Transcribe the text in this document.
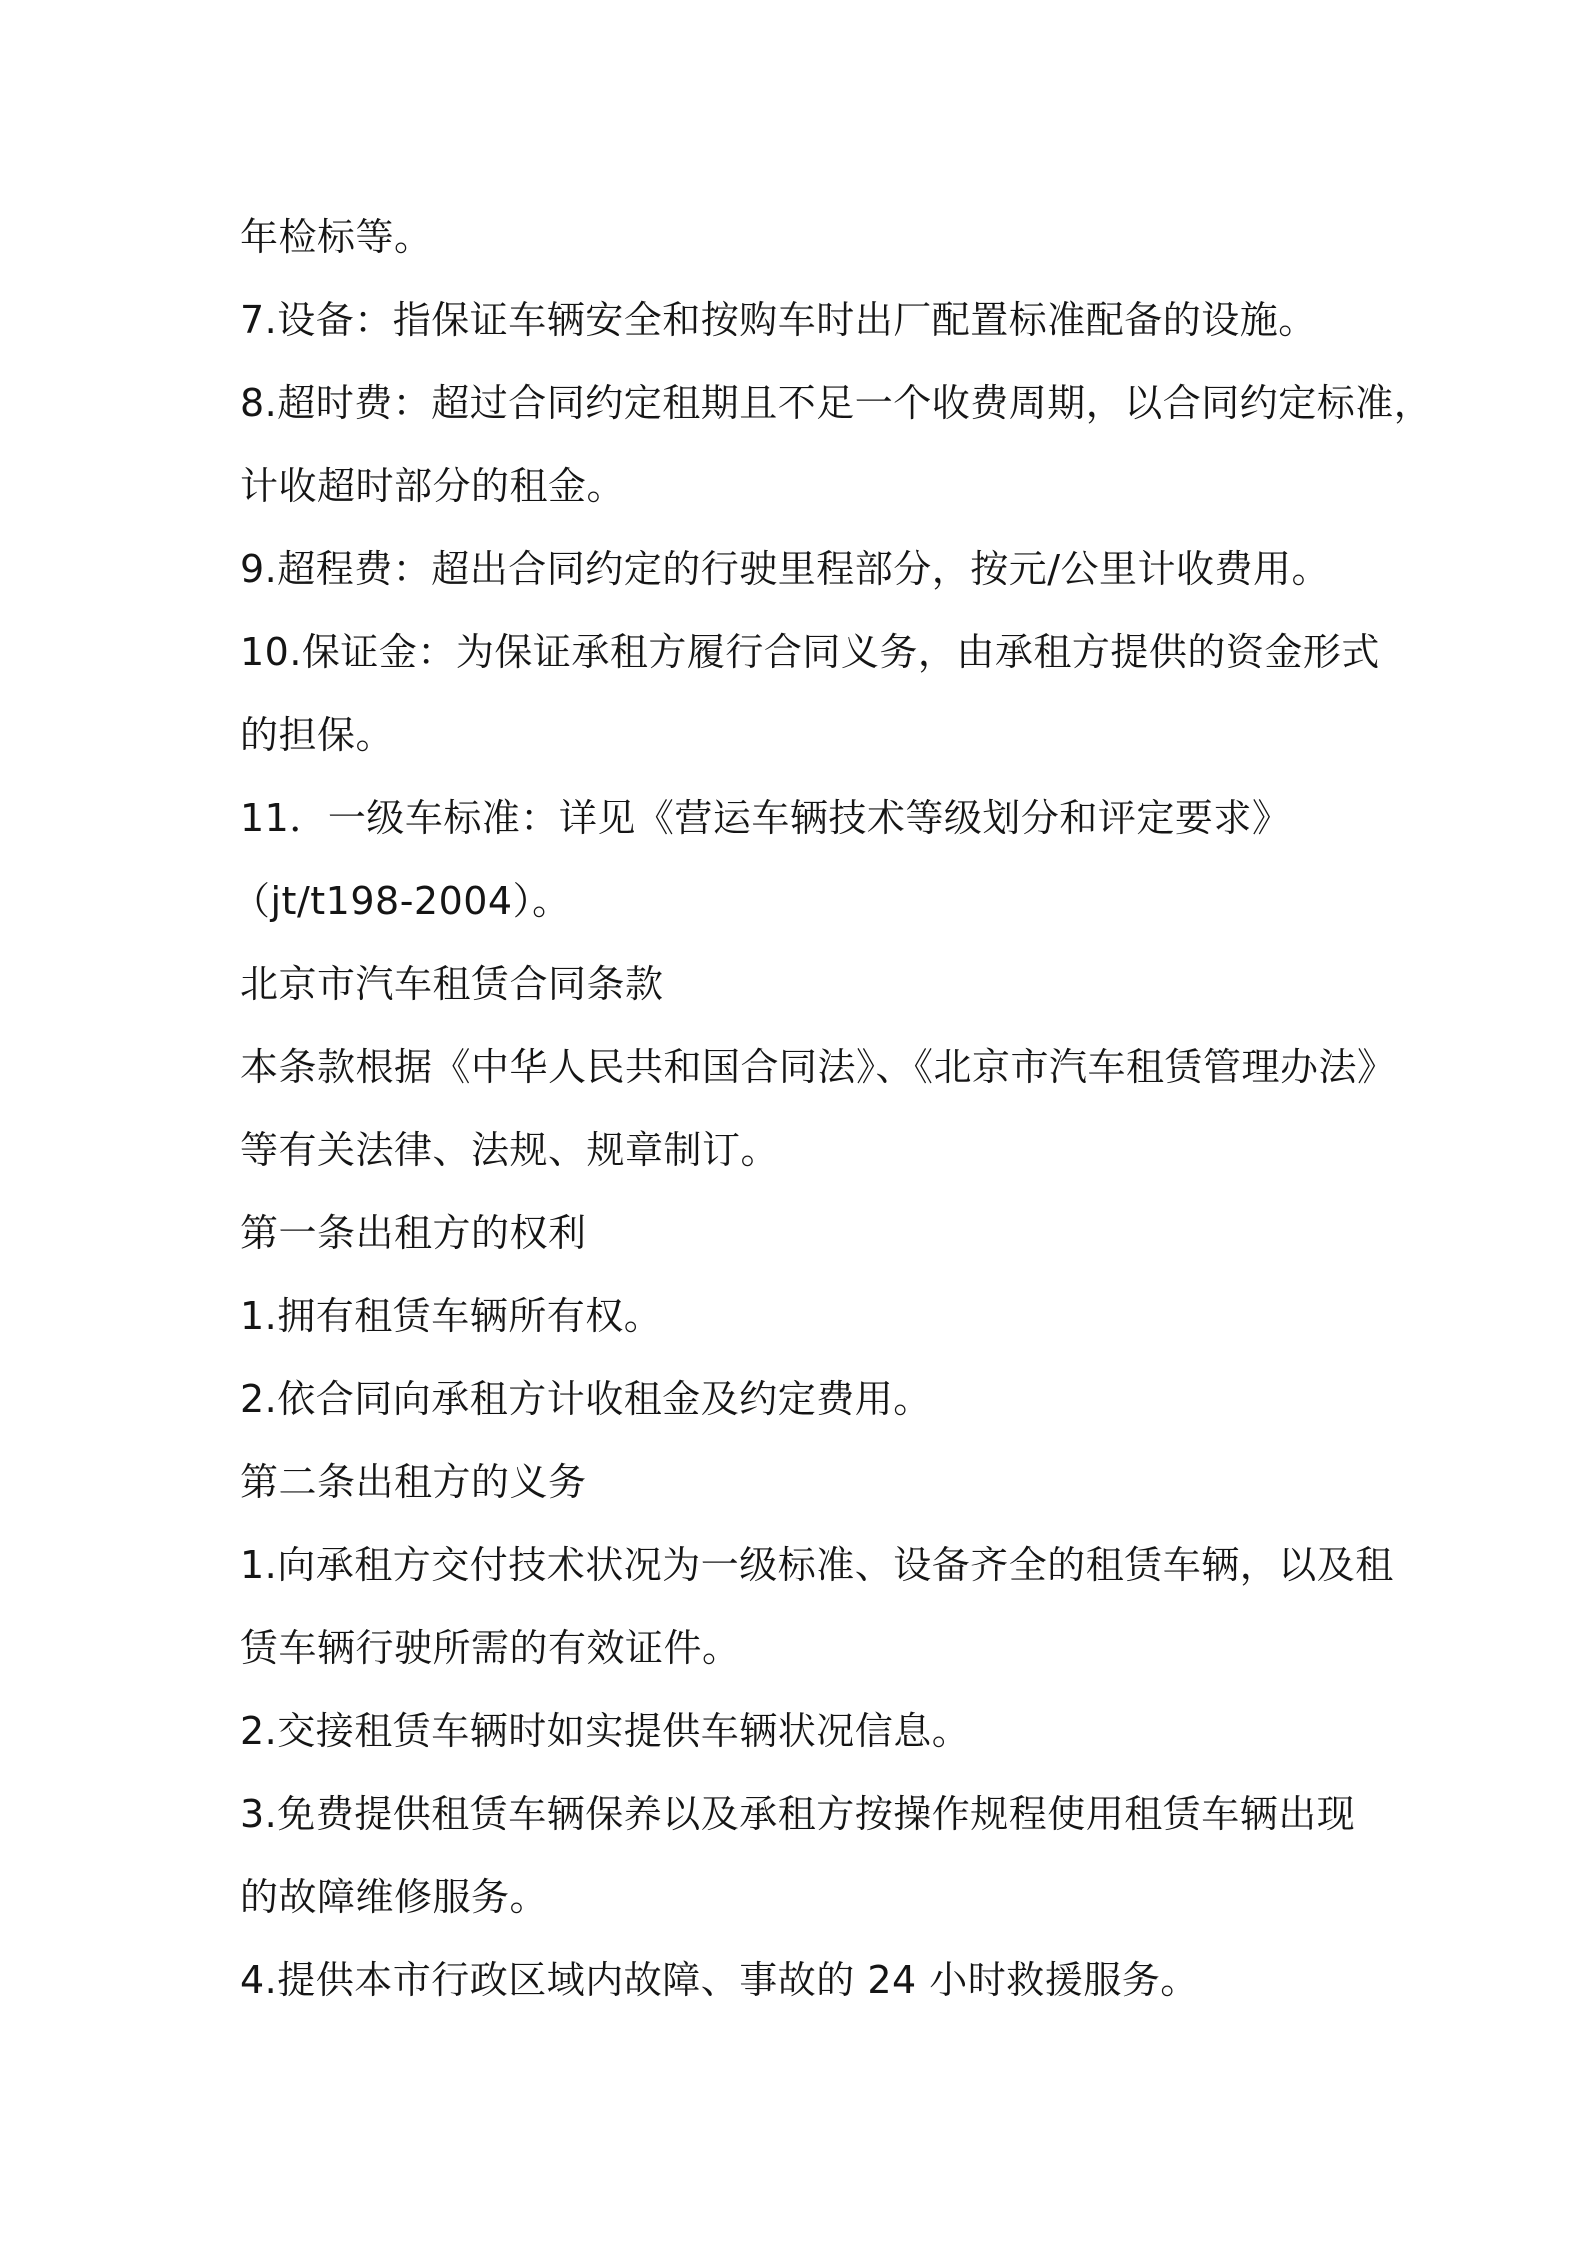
年检标等。
7.设备：指保证车辆安全和按购车时出厂配置标准配备的设施。
8.超时费：超过合同约定租期且不足一个收费周期，以合同约定标准，
计收超时部分的租金。
9.超程费：超出合同约定的行驶里程部分，按元/公里计收费用。
10.保证金：为保证承租方履行合同义务，由承租方提供的资金形式
的担保。
11．一级车标准：详见《营运车辆技术等级划分和评定要求》
（jt/t198-2004）。
北京市汽车租赁合同条款
本条款根据《中华人民共和国合同法》、《北京市汽车租赁管理办法》
等有关法律、法规、规章制订。
第一条出租方的权利
1.拥有租赁车辆所有权。
2.依合同向承租方计收租金及约定费用。
第二条出租方的义务
1.向承租方交付技术状况为一级标准、设备齐全的租赁车辆，以及租
赁车辆行驶所需的有效证件。
2.交接租赁车辆时如实提供车辆状况信息。
3.免费提供租赁车辆保养以及承租方按操作规程使用租赁车辆出现
的故障维修服务。
4.提供本市行政区域内故障、事故的 24 小时救援服务。
